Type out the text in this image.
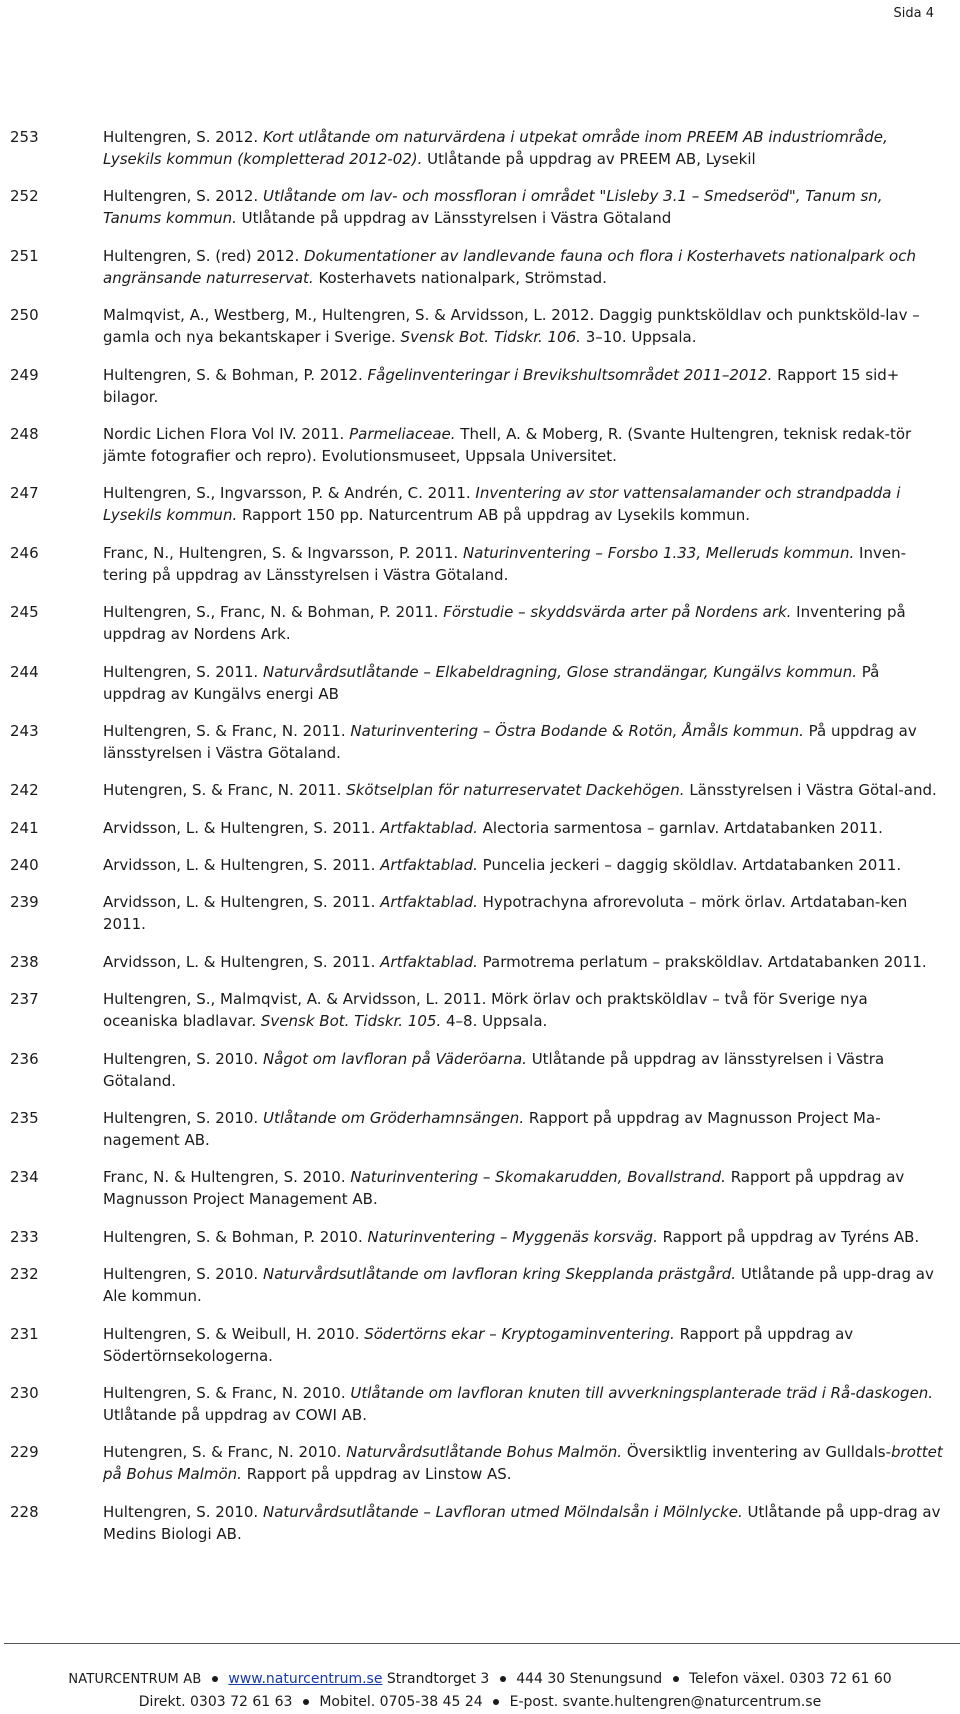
Sida 4
253	Hultengren, S. 2012. Kort utlåtande om naturvärdena i utpekat område inom PREEM AB industriområde, Lysekils kommun (kompletterad 2012-02). Utlåtande på uppdrag av PREEM AB, Lysekil
252	Hultengren, S. 2012. Utlåtande om lav- och mossfloran i området "Lisleby 3.1 – Smedseröd", Tanum sn, Tanums kommun. Utlåtande på uppdrag av Länsstyrelsen i Västra Götaland
251	Hultengren, S. (red) 2012. Dokumentationer av landlevande fauna och flora i Kosterhavets nationalpark och angränsande naturreservat. Kosterhavets nationalpark, Strömstad.
250	Malmqvist, A., Westberg, M., Hultengren, S. & Arvidsson, L. 2012. Daggig punktsköldlav och punktsköld-lav – gamla och nya bekantskaper i Sverige. Svensk Bot. Tidskr. 106. 3–10. Uppsala.
249	Hultengren, S. & Bohman, P. 2012. Fågelinventeringar i Brevikshultsområdet 2011–2012. Rapport 15 sid+ bilagor.
248	Nordic Lichen Flora Vol IV. 2011. Parmeliaceae. Thell, A. & Moberg, R. (Svante Hultengren, teknisk redak-tör jämte fotografier och repro). Evolutionsmuseet, Uppsala Universitet.
247	Hultengren, S., Ingvarsson, P. & Andrén, C. 2011. Inventering av stor vattensalamander och strandpadda i Lysekils kommun. Rapport 150 pp. Naturcentrum AB på uppdrag av Lysekils kommun.
246	Franc, N., Hultengren, S. & Ingvarsson, P. 2011. Naturinventering – Forsbo 1.33, Melleruds kommun. Inven-tering på uppdrag av Länsstyrelsen i Västra Götaland.
245	Hultengren, S., Franc, N. & Bohman, P. 2011. Förstudie – skyddsvärda arter på Nordens ark. Inventering på uppdrag av Nordens Ark.
244	Hultengren, S. 2011. Naturvårdsutlåtande – Elkabeldragning, Glose strandängar, Kungälvs kommun. På uppdrag av Kungälvs energi AB
243	Hultengren, S. & Franc, N. 2011. Naturinventering – Östra Bodande & Rotön, Åmåls kommun. På uppdrag av länsstyrelsen i Västra Götaland.
242	Hutengren, S. & Franc, N. 2011. Skötselplan för naturreservatet Dackehögen. Länsstyrelsen i Västra Götal-and.
241	Arvidsson, L. & Hultengren, S. 2011. Artfaktablad. Alectoria sarmentosa – garnlav. Artdatabanken 2011.
240	Arvidsson, L. & Hultengren, S. 2011. Artfaktablad. Puncelia jeckeri – daggig sköldlav. Artdatabanken 2011.
239	Arvidsson, L. & Hultengren, S. 2011. Artfaktablad. Hypotrachyna afrorevoluta – mörk örlav. Artdataban-ken 2011.
238	Arvidsson, L. & Hultengren, S. 2011. Artfaktablad. Parmotrema perlatum – praksköldlav. Artdatabanken 2011.
237	Hultengren, S., Malmqvist, A. & Arvidsson, L. 2011. Mörk örlav och praktsköldlav – två för Sverige nya oceaniska bladlavar. Svensk Bot. Tidskr. 105. 4–8. Uppsala.
236	Hultengren, S. 2010. Något om lavfloran på Väderöarna. Utlåtande på uppdrag av länsstyrelsen i Västra Götaland.
235	Hultengren, S. 2010. Utlåtande om Gröderhamnsängen. Rapport på uppdrag av Magnusson Project Ma-nagement AB.
234	Franc, N. & Hultengren, S. 2010. Naturinventering – Skomakarudden, Bovallstrand. Rapport på uppdrag av Magnusson Project Management AB.
233	Hultengren, S. & Bohman, P. 2010. Naturinventering – Myggenäs korsväg. Rapport på uppdrag av Tyréns AB.
232	Hultengren, S. 2010. Naturvårdsutlåtande om lavfloran kring Skepplanda prästgård. Utlåtande på upp-drag av Ale kommun.
231	Hultengren, S. & Weibull, H. 2010. Södertörns ekar – Kryptogaminventering. Rapport på uppdrag av Södertörnsekologerna.
230	Hultengren, S. & Franc, N. 2010. Utlåtande om lavfloran knuten till avverkningsplanterade träd i Rå-daskogen. Utlåtande på uppdrag av COWI AB.
229	Hutengren, S. & Franc, N. 2010. Naturvårdsutlåtande Bohus Malmön. Översiktlig inventering av Gulldals-brottet på Bohus Malmön. Rapport på uppdrag av Linstow AS.
228	Hultengren, S. 2010. Naturvårdsutlåtande – Lavfloran utmed Mölndalsån i Mölnlycke. Utlåtande på upp-drag av Medins Biologi AB.
NATURCENTRUM AB www.naturcentrum.se Strandtorget 3 444 30 Stenungsund Telefon växel. 0303 72 61 60
Direkt. 0303 72 61 63 Mobitel. 0705-38 45 24 E-post. svante.hultengren@naturcentrum.se
